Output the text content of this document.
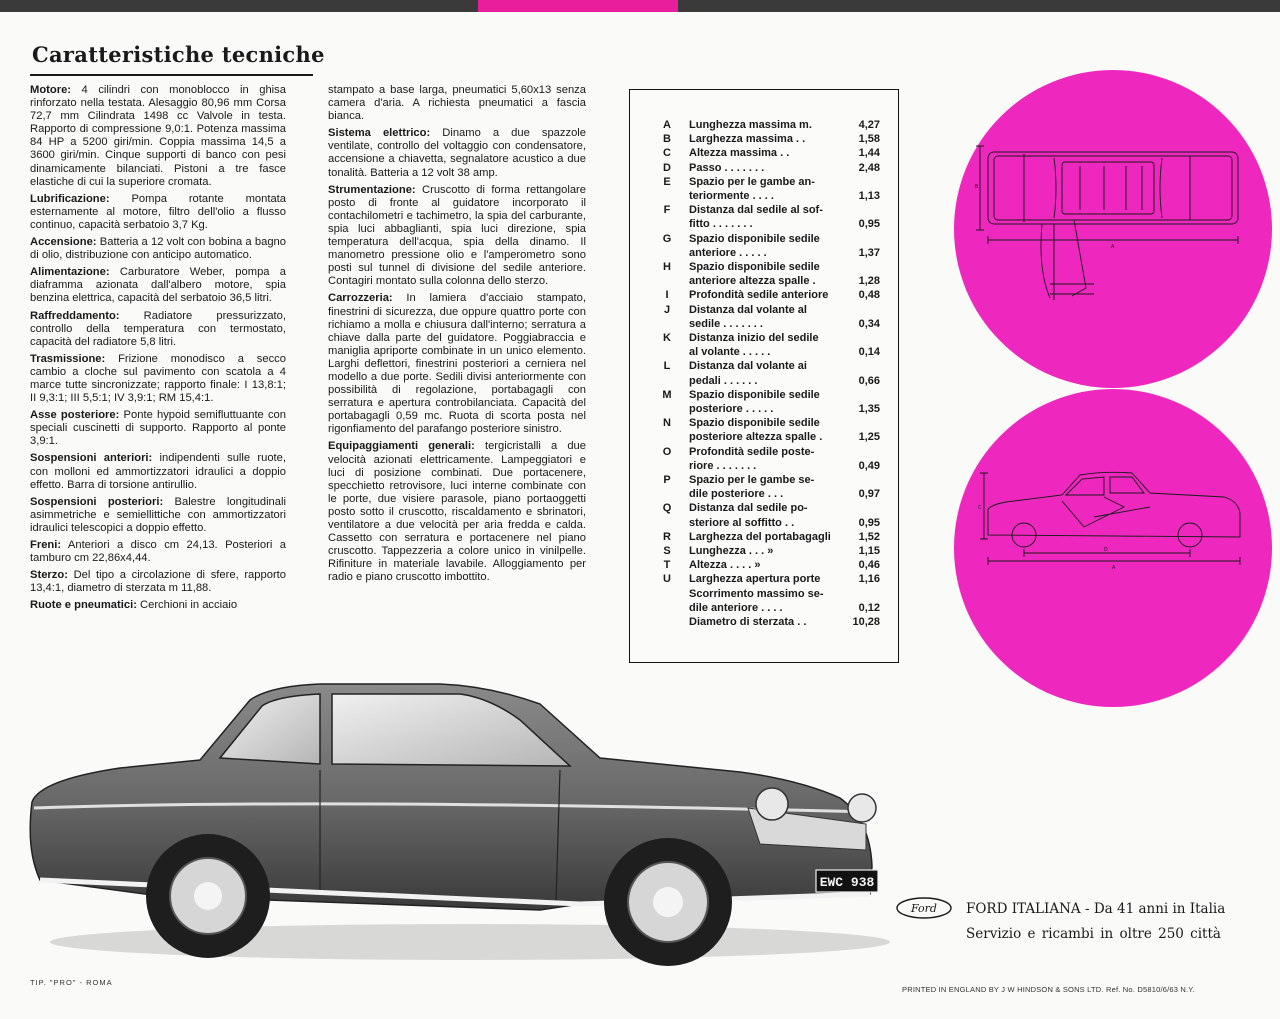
Caratteristiche tecniche

Motore: 4 cilindri con monoblocco in ghisa rinforzato nella testata. Alesaggio 80,96 mm Corsa 72,7 mm Cilindrata 1498 cc Valvole in testa. Rapporto di compressione 9,0:1. Potenza massima 84 HP a 5200 giri/min. Coppia massima 14,5 a 3600 giri/min. Cinque supporti di banco con pesi dinamicamente bilanciati. Pistoni a tre fasce elastiche di cui la superiore cromata.

Lubrificazione: Pompa rotante montata esternamente al motore, filtro dell'olio a flusso continuo, capacità serbatoio 3,7 Kg.

Accensione: Batteria a 12 volt con bobina a bagno di olio, distribuzione con anticipo automatico.

Alimentazione: Carburatore Weber, pompa a diaframma azionata dall'albero motore, spia benzina elettrica, capacità del serbatoio 36,5 litri.

Raffreddamento: Radiatore pressurizzato, controllo della temperatura con termostato, capacità del radiatore 5,8 litri.

Trasmissione: Frizione monodisco a secco cambio a cloche sul pavimento con scatola a 4 marce tutte sincronizzate; rapporto finale: I 13,8:1; II 9,3:1; III 5,5:1; IV 3,9:1; RM 15,4:1.

Asse posteriore: Ponte hypoid semifluttuante con speciali cuscinetti di supporto. Rapporto al ponte 3,9:1.

Sospensioni anteriori: indipendenti sulle ruote, con molloni ed ammortizzatori idraulici a doppio effetto. Barra di torsione antirullio.

Sospensioni posteriori: Balestre longitudinali asimmetriche e semiellittiche con ammortizzatori idraulici telescopici a doppio effetto.

Freni: Anteriori a disco cm 24,13. Posteriori a tamburo cm 22,86x4,44.

Sterzo: Del tipo a circolazione di sfere, rapporto 13,4:1, diametro di sterzata m 11,88.

Ruote e pneumatici: Cerchioni in acciaio

stampato a base larga, pneumatici 5,60x13 senza camera d'aria. A richiesta pneumatici a fascia bianca.

Sistema elettrico: Dinamo a due spazzole ventilate, controllo del voltaggio con condensatore, accensione a chiavetta, segnalatore acustico a due tonalità. Batteria a 12 volt 38 amp.

Strumentazione: Cruscotto di forma rettangolare posto di fronte al guidatore incorporato il contachilometri e tachimetro, la spia del carburante, spia luci abbaglianti, spia luci direzione, spia temperatura dell'acqua, spia della dinamo. Il manometro pressione olio e l'amperometro sono posti sul tunnel di divisione del sedile anteriore. Contagiri montato sulla colonna dello sterzo.

Carrozzeria: In lamiera d'acciaio stampato, finestrini di sicurezza, due oppure quattro porte con richiamo a molla e chiusura dall'interno; serratura a chiave dalla parte del guidatore. Poggiabraccia e maniglia apriporte combinate in un unico elemento. Larghi deflettori, finestrini posteriori a cerniera nel modello a due porte. Sedili divisi anteriormente con possibilità di regolazione, portabagagli con serratura e apertura controbilanciata. Capacità del portabagagli 0,59 mc. Ruota di scorta posta nel rigonfiamento del parafango posteriore sinistro.

Equipaggiamenti generali: tergicristalli a due velocità azionati elettricamente. Lampeggiatori e luci di posizione combinati. Due portacenere, specchietto retrovisore, luci interne combinate con le porte, due visiere parasole, piano portaoggetti posto sotto il cruscotto, riscaldamento e sbrinatori, ventilatore a due velocità per aria fredda e calda. Cassetto con serratura e portacenere nel piano cruscotto. Tappezzeria a colore unico in vinilpelle. Rifiniture in materiale lavabile. Alloggiamento per radio e piano cruscotto imbottito.

A Lunghezza massima m.	4,27
B Larghezza massima . .	1,58
C Altezza massima . .	1,44
D Passo . . . . . . .	2,48
E	Spazio per le gambe an-
teriormente . . . .	1,13
F	Distanza dal sedile al sof-
fitto . . . . . . .	0,95
G Spazio disponibile sedile
anteriore . . . . .	1,37
H Spazio disponibile sedile
anteriore altezza spalle .	1,28
I	Profondità sedile anteriore	0,48
J	Distanza dal volante al
sedile . . . . . . .	0,34
K Distanza inizio del sedile
al volante . . . . .	0,14
L	Distanza dal volante ai
pedali . . . . . .	0,66
M Spazio disponibile sedile
posteriore . . . . .	1,35
N Spazio disponibile sedile
posteriore altezza spalle .	1,25
O Profondità sedile poste-
riore . . . . . . .	0,49
P	Spazio per le gambe se-
dile posteriore . . .	0,97
Q Distanza dal sedile po-
steriore al soffitto . .	0,95
R Larghezza del portabagagli	1,52
S	Lunghezza . . . »	1,15
T	Altezza . . . . »	0,46
U Larghezza apertura porte	1,16
Scorrimento massimo se-
dile anteriore . . . .	0,12
Diametro di sterzata . .	10,28
B
A
C
D
A
EWC 938
Ford FORD ITALIANA - Da 41 anni in Italia
Servizio e ricambi in oltre 250 città
TIP. "PRO" - ROMA
PRINTED IN ENGLAND BY J W HINDSON & SONS LTD. Ref. No. D5810/6/63 N.Y.
